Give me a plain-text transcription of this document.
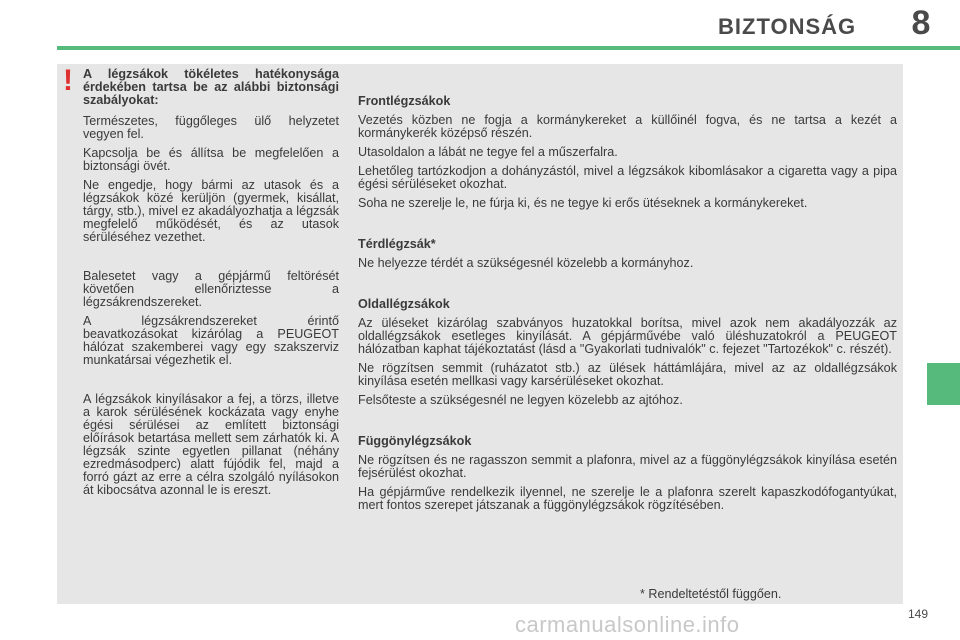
BIZTONSÁG	8
! A légzsákok tökéletes hatékonysága érdekében tartsa be az alábbi biztonsági szabályokat:

Természetes, függőleges ülő helyzetet vegyen fel.

Kapcsolja be és állítsa be megfelelően a biztonsági övét.

Ne engedje, hogy bármi az utasok és a légzsákok közé kerüljön (gyermek, kisállat, tárgy, stb.), mivel ez akadályozhatja a légzsák megfelelő működését, és az utasok sérüléséhez vezethet.

Balesetet vagy a gépjármű feltörését követően ellenőriztesse a légzsákrendszereket.

A légzsákrendszereket érintő beavatkozásokat kizárólag a PEUGEOT hálózat szakemberei vagy egy szakszerviz munkatársai végezhetik el.

A légzsákok kinyílásakor a fej, a törzs, illetve a karok sérülésének kockázata vagy enyhe égési sérülései az említett biztonsági előírások betartása mellett sem zárhatók ki. A légzsák szinte egyetlen pillanat (néhány ezredmásodperc) alatt fújódik fel, majd a forró gázt az erre a célra szolgáló nyílásokon át kibocsátva azonnal le is ereszt.

Frontlégzsákok

Vezetés közben ne fogja a kormánykereket a küllőinél fogva, és ne tartsa a kezét a kormánykerék középső részén.

Utasoldalon a lábát ne tegye fel a műszerfalra.

Lehetőleg tartózkodjon a dohányzástól, mivel a légzsákok kibomlásakor a cigaretta vagy a pipa égési sérüléseket okozhat.

Soha ne szerelje le, ne fúrja ki, és ne tegye ki erős ütéseknek a kormánykereket.

Térdlégzsák*

Ne helyezze térdét a szükségesnél közelebb a kormányhoz.

Oldallégzsákok

Az üléseket kizárólag szabványos huzatokkal borítsa, mivel azok nem akadályozzák az oldallégzsákok esetleges kinyílását. A gépjárművébe való üléshuzatokról a PEUGEOT hálózatban kaphat tájékoztatást (lásd a "Gyakorlati tudnivalók" c. fejezet "Tartozékok" c. részét).

Ne rögzítsen semmit (ruházatot stb.) az ülések háttámlájára, mivel az az oldallégzsákok kinyílása esetén mellkasi vagy karsérüléseket okozhat.

Felsőteste a szükségesnél ne legyen közelebb az ajtóhoz.

Függönylégzsákok

Ne rögzítsen és ne ragasszon semmit a plafonra, mivel az a függönylégzsákok kinyílása esetén fejsérülést okozhat.

Ha gépjárműve rendelkezik ilyennel, ne szerelje le a plafonra szerelt kapaszkodófogantyúkat, mert fontos szerepet játszanak a függönylégzsákok rögzítésében.

* Rendeltetéstől függően.
149
carmanualsonline.info
